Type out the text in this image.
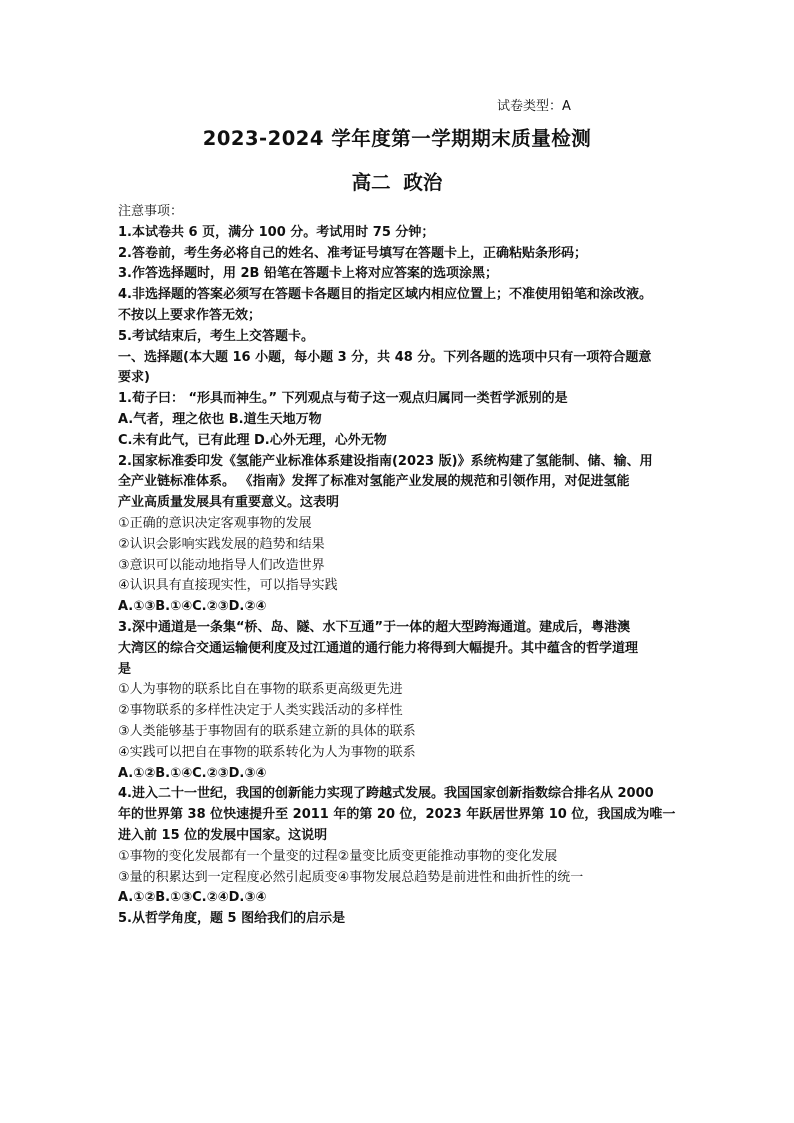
试卷类型：A
2023-2024 学年度第一学期期末质量检测
高二 政治
注意事项：
1.本试卷共 6 页，满分 100 分。考试用时 75 分钟；
2.答卷前，考生务必将自己的姓名、准考证号填写在答题卡上，正确粘贴条形码；
3.作答选择题时，用 2B 铅笔在答题卡上将对应答案的选项涂黑；
4.非选择题的答案必须写在答题卡各题目的指定区域内相应位置上；不准使用铅笔和涂改液。
不按以上要求作答无效；
5.考试结束后，考生上交答题卡。
一、选择题(本大题 16 小题，每小题 3 分，共 48 分。下列各题的选项中只有一项符合题意
要求)
1.荀子曰： “形具而神生。” 下列观点与荀子这一观点归属同一类哲学派别的是
A.气者，理之依也 B.道生天地万物
C.未有此气，已有此理 D.心外无理，心外无物
2.国家标准委印发《氢能产业标准体系建设指南(2023 版)》系统构建了氢能制、储、输、用
全产业链标准体系。 《指南》发挥了标准对氢能产业发展的规范和引领作用，对促进氢能
产业高质量发展具有重要意义。这表明
①正确的意识决定客观事物的发展
②认识会影响实践发展的趋势和结果
③意识可以能动地指导人们改造世界
④认识具有直接现实性，可以指导实践
A.①③B.①④C.②③D.②④
3.深中通道是一条集“桥、岛、隧、水下互通”于一体的超大型跨海通道。建成后，粤港澳
大湾区的综合交通运输便利度及过江通道的通行能力将得到大幅提升。其中蕴含的哲学道理
是
①人为事物的联系比自在事物的联系更高级更先进
②事物联系的多样性决定于人类实践活动的多样性
③人类能够基于事物固有的联系建立新的具体的联系
④实践可以把自在事物的联系转化为人为事物的联系
A.①②B.①④C.②③D.③④
4.进入二十一世纪，我国的创新能力实现了跨越式发展。我国国家创新指数综合排名从 2000
年的世界第 38 位快速提升至 2011 年的第 20 位，2023 年跃居世界第 10 位，我国成为唯一
进入前 15 位的发展中国家。这说明
①事物的变化发展都有一个量变的过程②量变比质变更能推动事物的变化发展
③量的积累达到一定程度必然引起质变④事物发展总趋势是前进性和曲折性的统一
A.①②B.①③C.②④D.③④
5.从哲学角度，题 5 图给我们的启示是
